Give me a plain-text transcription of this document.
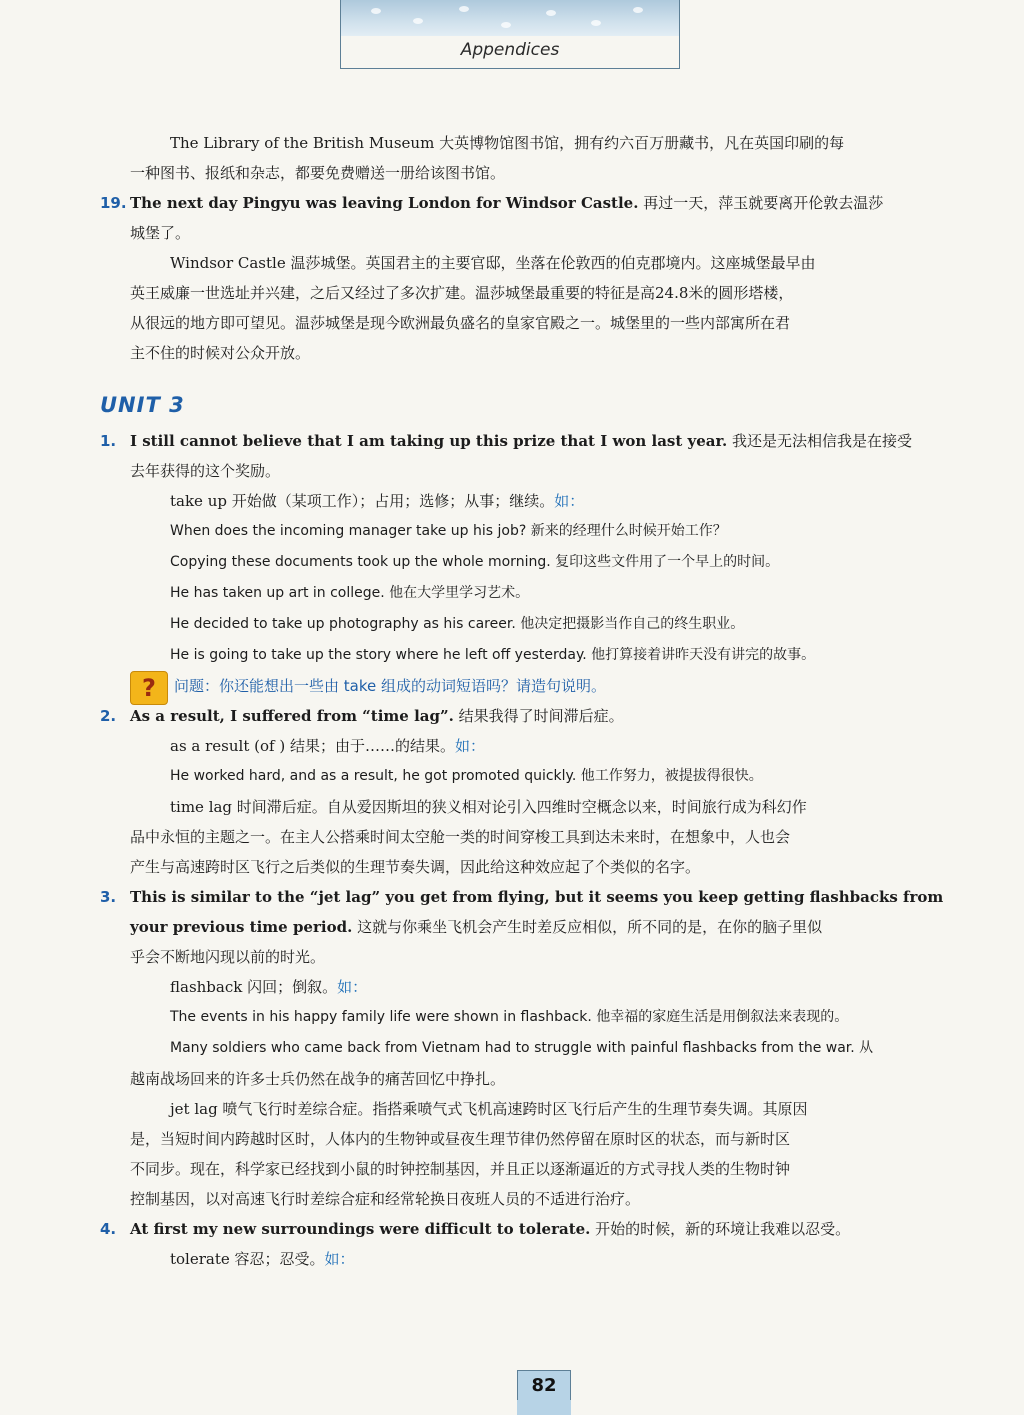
Appendices

The Library of the British Museum 大英博物馆图书馆，拥有约六百万册藏书，凡在英国印刷的每

一种图书、报纸和杂志，都要免费赠送一册给该图书馆。

19. The next day Pingyu was leaving London for Windsor Castle. 再过一天，萍玉就要离开伦敦去温莎

城堡了。

Windsor Castle 温莎城堡。英国君主的主要官邸，坐落在伦敦西的伯克郡境内。这座城堡最早由

英王威廉一世选址并兴建，之后又经过了多次扩建。温莎城堡最重要的特征是高24.8米的圆形塔楼，

从很远的地方即可望见。温莎城堡是现今欧洲最负盛名的皇家官殿之一。城堡里的一些内部寓所在君

主不住的时候对公众开放。

UNIT 3
1. I still cannot believe that I am taking up this prize that I won last year. 我还是无法相信我是在接受

去年获得的这个奖励。

take up 开始做（某项工作）；占用；选修；从事；继续。如：

When does the incoming manager take up his job? 新来的经理什么时候开始工作？

Copying these documents took up the whole morning. 复印这些文件用了一个早上的时间。

He has taken up art in college. 他在大学里学习艺术。

He decided to take up photography as his career. 他决定把摄影当作自己的终生职业。

He is going to take up the story where he left off yesterday. 他打算接着讲昨天没有讲完的故事。

?	问题：你还能想出一些由 take 组成的动词短语吗？请造句说明。
2. As a result, I suffered from “time lag”. 结果我得了时间滞后症。

as a result (of ) 结果；由于……的结果。如：

He worked hard, and as a result, he got promoted quickly. 他工作努力，被提拔得很快。

time lag 时间滞后症。自从爱因斯坦的狭义相对论引入四维时空概念以来，时间旅行成为科幻作

品中永恒的主题之一。在主人公搭乘时间太空舱一类的时间穿梭工具到达未来时，在想象中，人也会

产生与高速跨时区飞行之后类似的生理节奏失调，因此给这种效应起了个类似的名字。

3. This is similar to the “jet lag” you get from flying, but it seems you keep getting flashbacks from

your previous time period. 这就与你乘坐飞机会产生时差反应相似，所不同的是，在你的脑子里似

乎会不断地闪现以前的时光。

flashback 闪回；倒叙。如：

The events in his happy family life were shown in flashback. 他幸福的家庭生活是用倒叙法来表现的。

Many soldiers who came back from Vietnam had to struggle with painful flashbacks from the war. 从

越南战场回来的许多士兵仍然在战争的痛苦回忆中挣扎。

jet lag 喷气飞行时差综合症。指搭乘喷气式飞机高速跨时区飞行后产生的生理节奏失调。其原因

是，当短时间内跨越时区时，人体内的生物钟或昼夜生理节律仍然停留在原时区的状态，而与新时区

不同步。现在，科学家已经找到小鼠的时钟控制基因，并且正以逐渐逼近的方式寻找人类的生物时钟

控制基因，以对高速飞行时差综合症和经常轮换日夜班人员的不适进行治疗。

4. At first my new surroundings were difficult to tolerate. 开始的时候，新的环境让我难以忍受。

tolerate 容忍；忍受。如：

82
